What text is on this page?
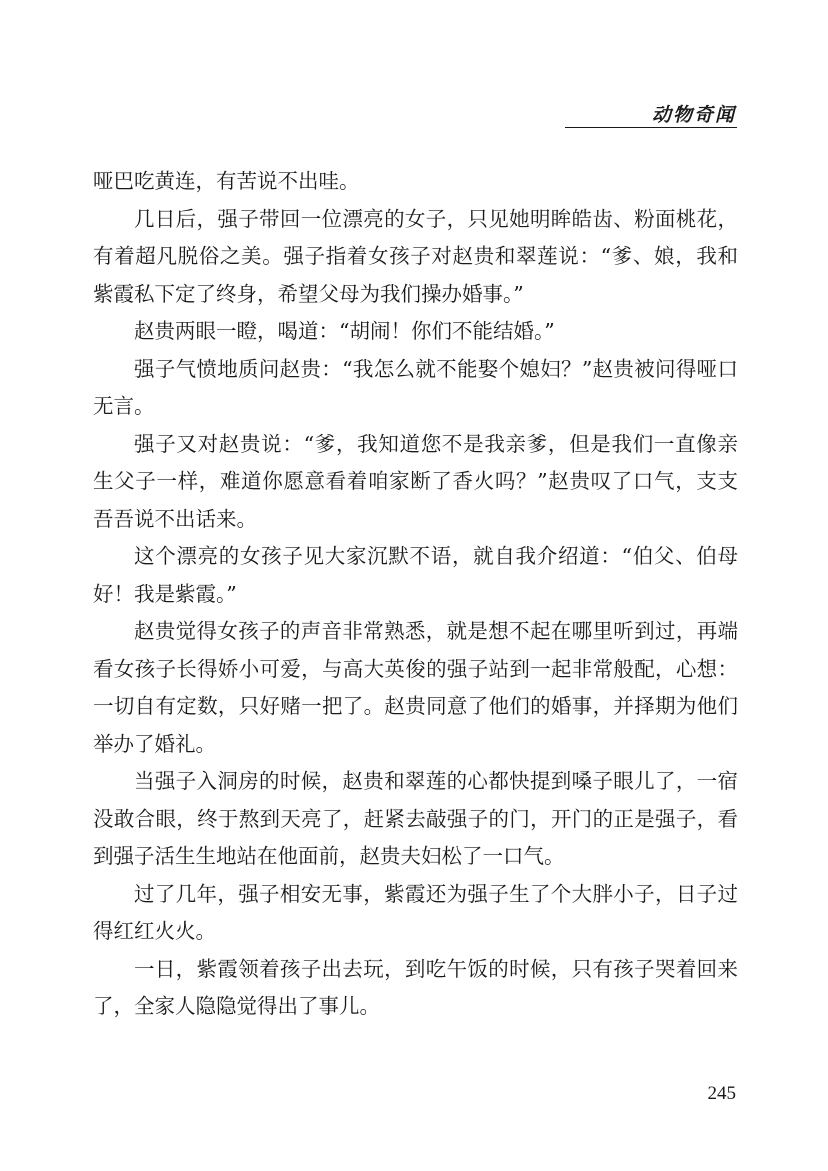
动物奇闻

哑巴吃黄连，有苦说不出哇。

几日后，强子带回一位漂亮的女子，只见她明眸皓齿、粉面桃花，有着超凡脱俗之美。强子指着女孩子对赵贵和翠莲说：“爹、娘，我和紫霞私下定了终身，希望父母为我们操办婚事。”

赵贵两眼一瞪，喝道：“胡闹！你们不能结婚。”

强子气愤地质问赵贵：“我怎么就不能娶个媳妇？”赵贵被问得哑口无言。

强子又对赵贵说：“爹，我知道您不是我亲爹，但是我们一直像亲生父子一样，难道你愿意看着咱家断了香火吗？”赵贵叹了口气，支支吾吾说不出话来。

这个漂亮的女孩子见大家沉默不语，就自我介绍道：“伯父、伯母好！我是紫霞。”

赵贵觉得女孩子的声音非常熟悉，就是想不起在哪里听到过，再端看女孩子长得娇小可爱，与高大英俊的强子站到一起非常般配，心想：一切自有定数，只好赌一把了。赵贵同意了他们的婚事，并择期为他们举办了婚礼。

当强子入洞房的时候，赵贵和翠莲的心都快提到嗓子眼儿了，一宿没敢合眼，终于熬到天亮了，赶紧去敲强子的门，开门的正是强子，看到强子活生生地站在他面前，赵贵夫妇松了一口气。

过了几年，强子相安无事，紫霞还为强子生了个大胖小子，日子过得红红火火。

一日，紫霞领着孩子出去玩，到吃午饭的时候，只有孩子哭着回来了，全家人隐隐觉得出了事儿。

245
